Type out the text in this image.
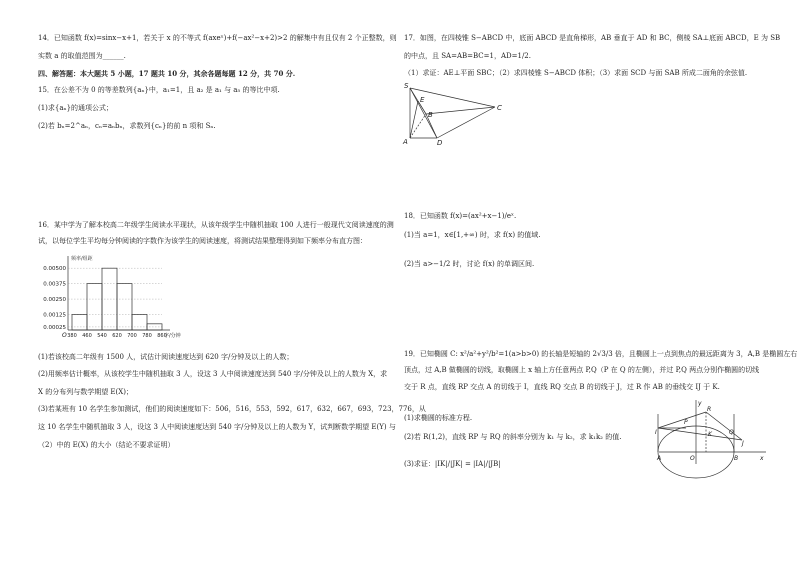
14．已知函数 f(x)=sinx−x+1，若关于 x 的不等式 f(axeˣ)+f(−ax²−x+2)>2 的解集中有且仅有 2 个正整数，则
实数 a 的取值范围为______.
四、解答题：本大题共 5 小题，17 题共 10 分，其余各题每题 12 分，共 70 分.
15．在公差不为 0 的等差数列{aₙ}中，a₁=1，且 a₂ 是 a₁ 与 a₅ 的等比中项.
(1)求{aₙ}的通项公式；
(2)若 bₙ=2^aₙ，cₙ=aₙbₙ，求数列{cₙ}的前 n 项和 Sₙ.
16．某中学为了解本校高二年级学生阅读水平现状，从该年级学生中随机抽取 100 人进行一般现代文阅读速度的测
试，以每位学生平均每分钟阅读的字数作为该学生的阅读速度，将测试结果整理得到如下频率分布直方图：
频率/组距
0.00500
0.00375
0.00250
0.00125
0.00025
380 460 540 620 700 780 860
字/分钟
O
(1)若该校高二年级有 1500 人，试估计阅读速度达到 620 字/分钟及以上的人数；
(2)用频率估计概率，从该校学生中随机抽取 3 人，设这 3 人中阅读速度达到 540 字/分钟及以上的人数为 X，求
X 的分布列与数学期望 E(X)；
(3)若某班有 10 名学生参加测试，他们的阅读速度如下：506，516，553，592，617，632，667，693，723，776，从
这 10 名学生中随机抽取 3 人，设这 3 人中阅读速度达到 540 字/分钟及以上的人数为 Y，试判断数学期望 E(Y) 与
（2）中的 E(X) 的大小（结论不要求证明）
17．如图，在四棱锥 S−ABCD 中，底面 ABCD 是直角梯形，AB 垂直于 AD 和 BC，侧棱 SA⊥底面 ABCD，E 为 SB
的中点，且 SA=AB=BC=1，AD=1/2.
（1）求证：AE⊥平面 SBC；（2）求四棱锥 S−ABCD 体积；（3）求面 SCD 与面 SAB 所成二面角的余弦值.
S
E
A
B
C
D
18．已知函数 f(x)=(ax²+x−1)/eˣ.
(1)当 a=1，x∈[1,+∞) 时，求 f(x) 的值域.
(2)当 a>−1/2 时，讨论 f(x) 的单调区间.
19．已知椭圆 C: x²/a²+y²/b²=1(a>b>0) 的长轴是短轴的 2√3/3 倍，且椭圆上一点到焦点的最远距离为 3，A,B 是椭圆左右
顶点，过 A,B 做椭圆的切线，取椭圆上 x 轴上方任意两点 P,Q（P 在 Q 的左侧），并过 P,Q 两点分别作椭圆的切线
交于 R 点，直线 RP 交点 A 的切线于 I，直线 RQ 交点 B 的切线于 J，过 R 作 AB 的垂线交 IJ 于 K.
(1)求椭圆的标准方程.
(2)若 R(1,2)，直线 RP 与 RQ 的斜率分别为 k₁ 与 k₂，求 k₁k₂ 的值.
(3)求证：|IK|/|JK| = |IA|/|JB|
y
R
P
Q
I	K
J
A	O	B	x
